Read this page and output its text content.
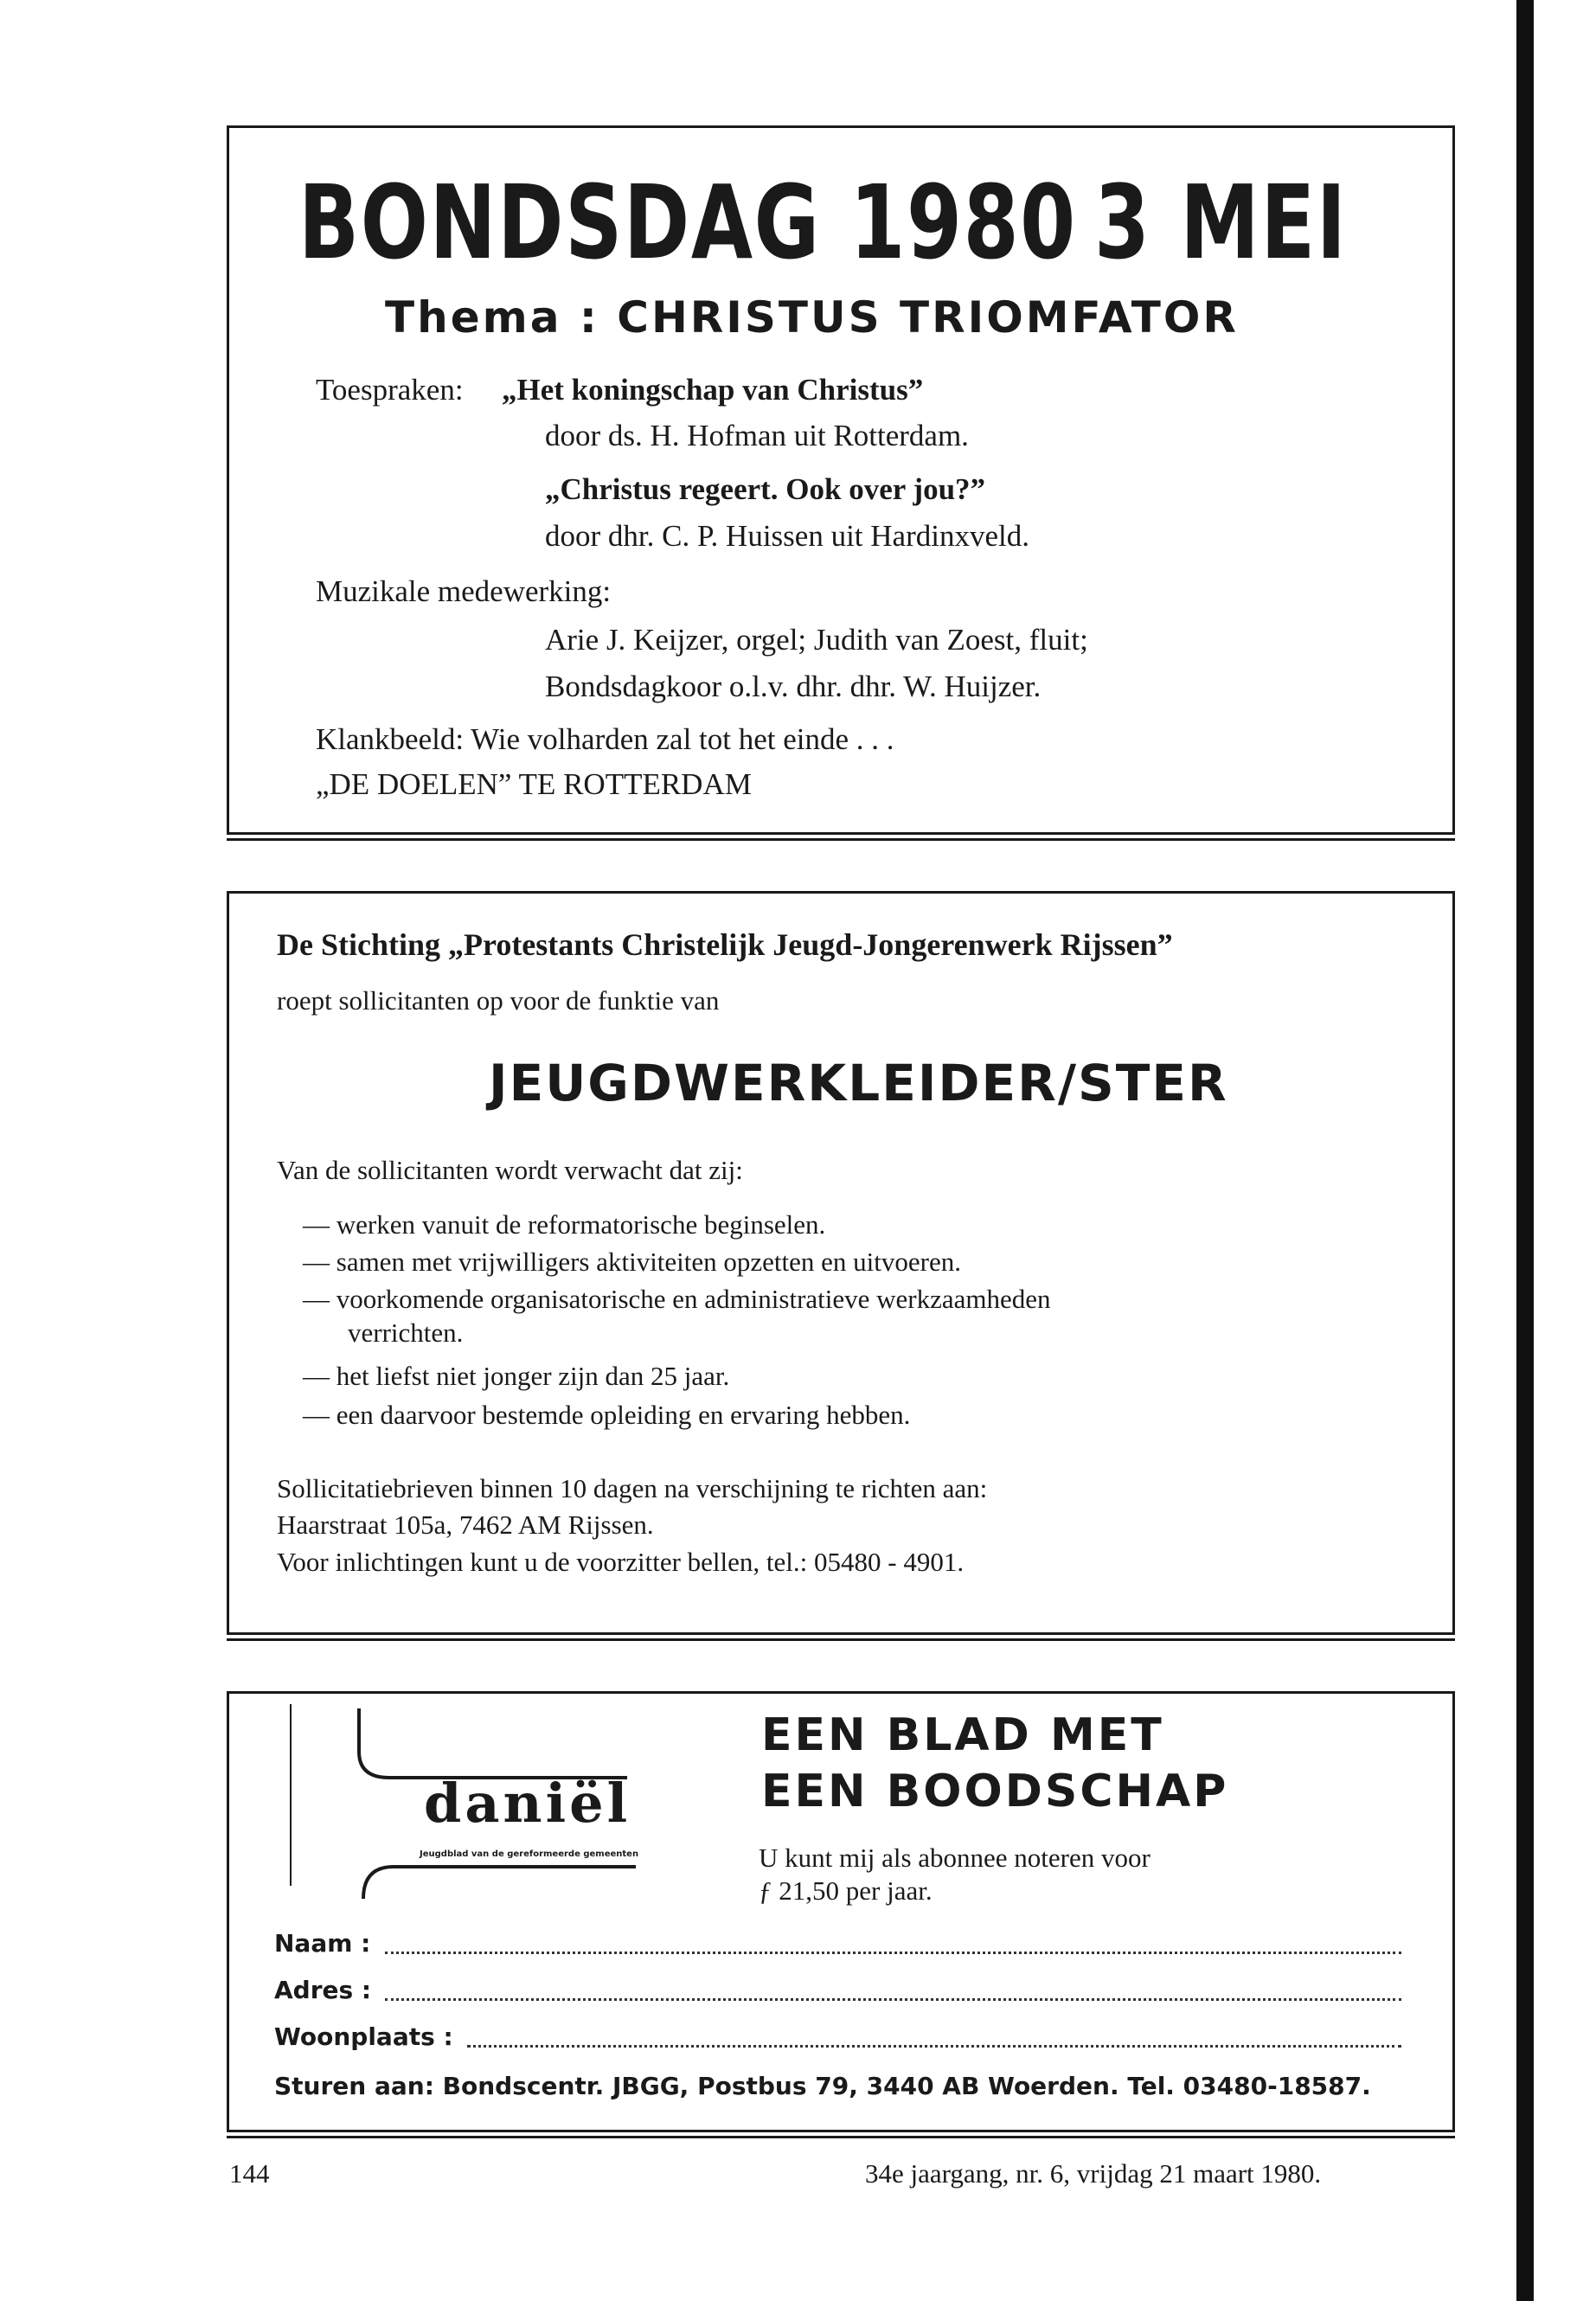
BONDSDAG 1980 3 MEI
Thema : CHRISTUS TRIOMFATOR
Toespraken: „Het koningschap van Christus”
door ds. H. Hofman uit Rotterdam.
„Christus regeert. Ook over jou?”
door dhr. C. P. Huissen uit Hardinxveld.
Muzikale medewerking:
Arie J. Keijzer, orgel; Judith van Zoest, fluit;
Bondsdagkoor o.l.v. dhr. dhr. W. Huijzer.
Klankbeeld: Wie volharden zal tot het einde . . .
„DE DOELEN” TE ROTTERDAM
De Stichting „Protestants Christelijk Jeugd-Jongerenwerk Rijssen”
roept sollicitanten op voor de funktie van
JEUGDWERKLEIDER/STER
Van de sollicitanten wordt verwacht dat zij:
— werken vanuit de reformatorische beginselen.
— samen met vrijwilligers aktiviteiten opzetten en uitvoeren.
— voorkomende organisatorische en administratieve werkzaamheden
verrichten.
— het liefst niet jonger zijn dan 25 jaar.
— een daarvoor bestemde opleiding en ervaring hebben.
Sollicitatiebrieven binnen 10 dagen na verschijning te richten aan:
Haarstraat 105a, 7462 AM Rijssen.
Voor inlichtingen kunt u de voorzitter bellen, tel.: 05480 - 4901.
daniël
Jeugdblad van de gereformeerde gemeenten
EEN BLAD MET
EEN BOODSCHAP
U kunt mij als abonnee noteren voor
ƒ 21,50 per jaar.
Naam :
Adres :
Woonplaats :
Sturen aan: Bondscentr. JBGG, Postbus 79, 3440 AB Woerden. Tel. 03480-18587.
144	34e jaargang, nr. 6, vrijdag 21 maart 1980.
